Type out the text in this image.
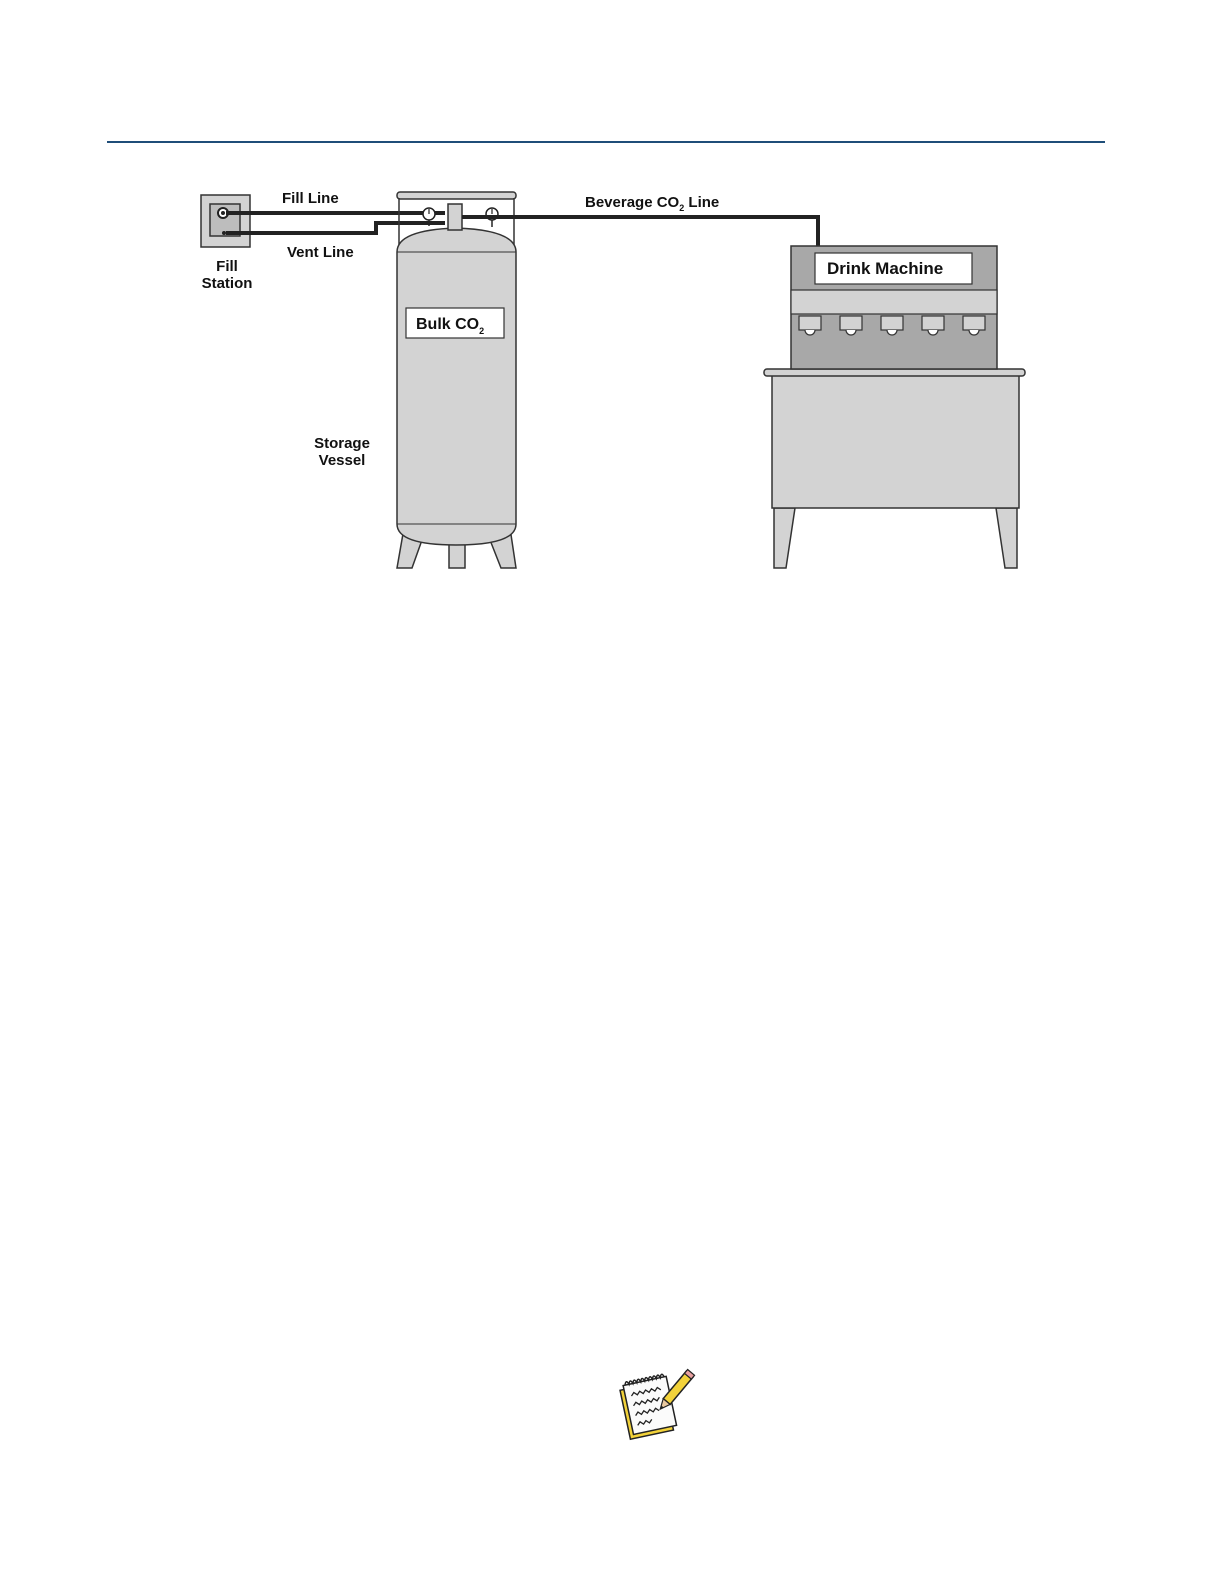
Fill Line
Vent Line
Fill
Station
Beverage $CO_2$ Line
Bulk $CO_2$
Storage
Vessel
Drink Machine
